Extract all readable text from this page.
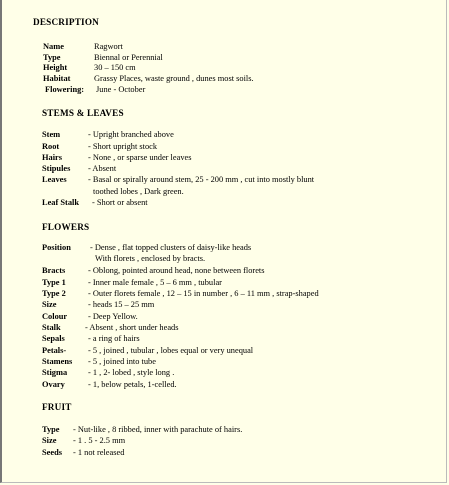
DESCRIPTION
Name	Ragwort
Type	Biennal or Perennial
Height	30 – 150 cm
Habitat	Grassy Places, waste ground , dunes most soils.
Flowering: June - October
STEMS & LEAVES
Stem	- Upright branched above
Root	- Short upright stock
Hairs	- None , or sparse under leaves
Stipules - Absent
Leaves	- Basal or spirally around stem, 25 - 200 mm , cut into mostly blunt
toothed lobes , Dark green.
Leaf Stalk - Short or absent
FLOWERS
Position - Dense , flat topped clusters of daisy-like heads
With florets , enclosed by bracts.
Bracts	- Oblong, pointed around head, none between florets
Type 1	- Inner male female , 5 – 6 mm , tubular
Type 2	- Outer florets female , 12 – 15 in number , 6 – 11 mm , strap-shaped
Size	- heads 15 – 25 mm
Colour - Deep Yellow.
Stalk	- Absent , short under heads
Sepals	- a ring of hairs
Petals-	- 5 , joined , tubular , lobes equal or very unequal
Stamens - 5 , joined into tube
Stigma - 1 , 2- lobed , style long .
Ovary	- 1, below petals, 1-celled.
FRUIT
Type - Nut-like , 8 ribbed, inner with parachute of hairs.
Size - 1 . 5 - 2.5 mm
Seeds - 1 not released
